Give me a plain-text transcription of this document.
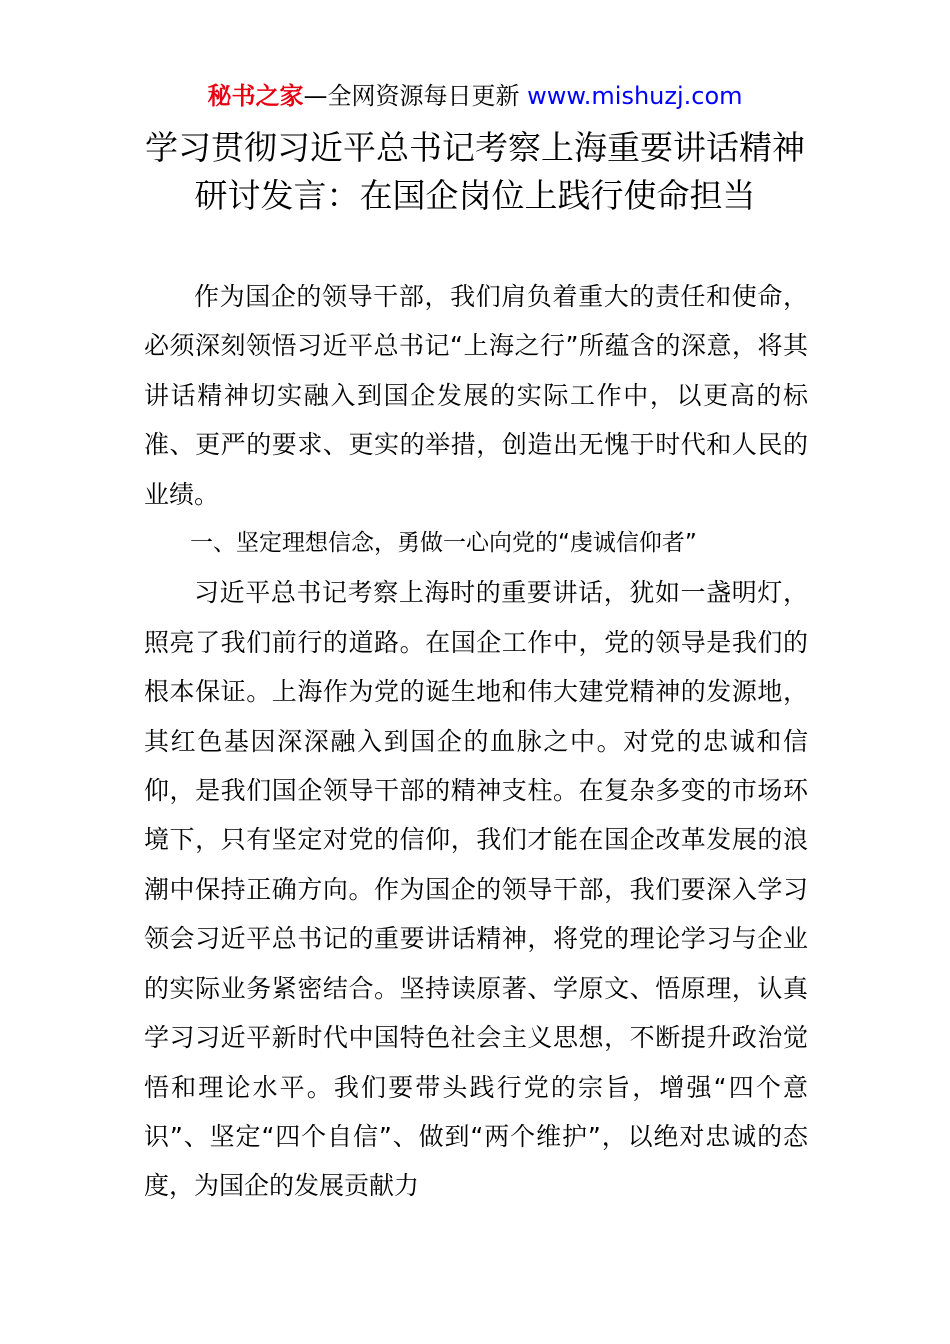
秘书之家—全网资源每日更新 www.mishuzj.com
学习贯彻习近平总书记考察上海重要讲话精神
研讨发言：在国企岗位上践行使命担当

作为国企的领导干部，我们肩负着重大的责任和使命，必须深刻领悟习近平总书记“上海之行”所蕴含的深意，将其讲话精神切实融入到国企发展的实际工作中，以更高的标准、更严的要求、更实的举措，创造出无愧于时代和人民的业绩。

一、坚定理想信念，勇做一心向党的“虔诚信仰者”

习近平总书记考察上海时的重要讲话，犹如一盏明灯，照亮了我们前行的道路。在国企工作中，党的领导是我们的根本保证。上海作为党的诞生地和伟大建党精神的发源地，其红色基因深深融入到国企的血脉之中。对党的忠诚和信仰，是我们国企领导干部的精神支柱。在复杂多变的市场环境下，只有坚定对党的信仰，我们才能在国企改革发展的浪潮中保持正确方向。作为国企的领导干部，我们要深入学习领会习近平总书记的重要讲话精神，将党的理论学习与企业的实际业务紧密结合。坚持读原著、学原文、悟原理，认真学习习近平新时代中国特色社会主义思想，不断提升政治觉悟和理论水平。我们要带头践行党的宗旨，增强“四个意识”、坚定“四个自信”、做到“两个维护”，以绝对忠诚的态度，为国企的发展贡献力
